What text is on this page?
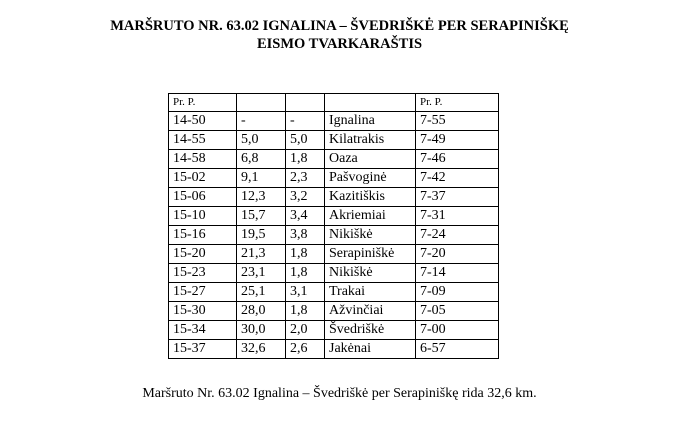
MARŠRUTO NR. 63.02 IGNALINA – ŠVEDRIŠKĖ PER SERAPINIŠKĘ
EISMO TVARKARAŠTIS
Pr. P.				Pr. P.
14-50	-	-	Ignalina	7-55
14-55	5,0	5,0	Kilatrakis	7-49
14-58	6,8	1,8	Oaza	7-46
15-02	9,1	2,3	Pašvoginė	7-42
15-06	12,3	3,2	Kazitiškis	7-37
15-10	15,7	3,4	Akriemiai	7-31
15-16	19,5	3,8	Nikiškė	7-24
15-20	21,3	1,8	Serapiniškė	7-20
15-23	23,1	1,8	Nikiškė	7-14
15-27	25,1	3,1	Trakai	7-09
15-30	28,0	1,8	Ažvinčiai	7-05
15-34	30,0	2,0	Švedriškė	7-00
15-37	32,6	2,6	Jakėnai	6-57

Maršruto Nr. 63.02 Ignalina – Švedriškė per Serapiniškę rida 32,6 km.
